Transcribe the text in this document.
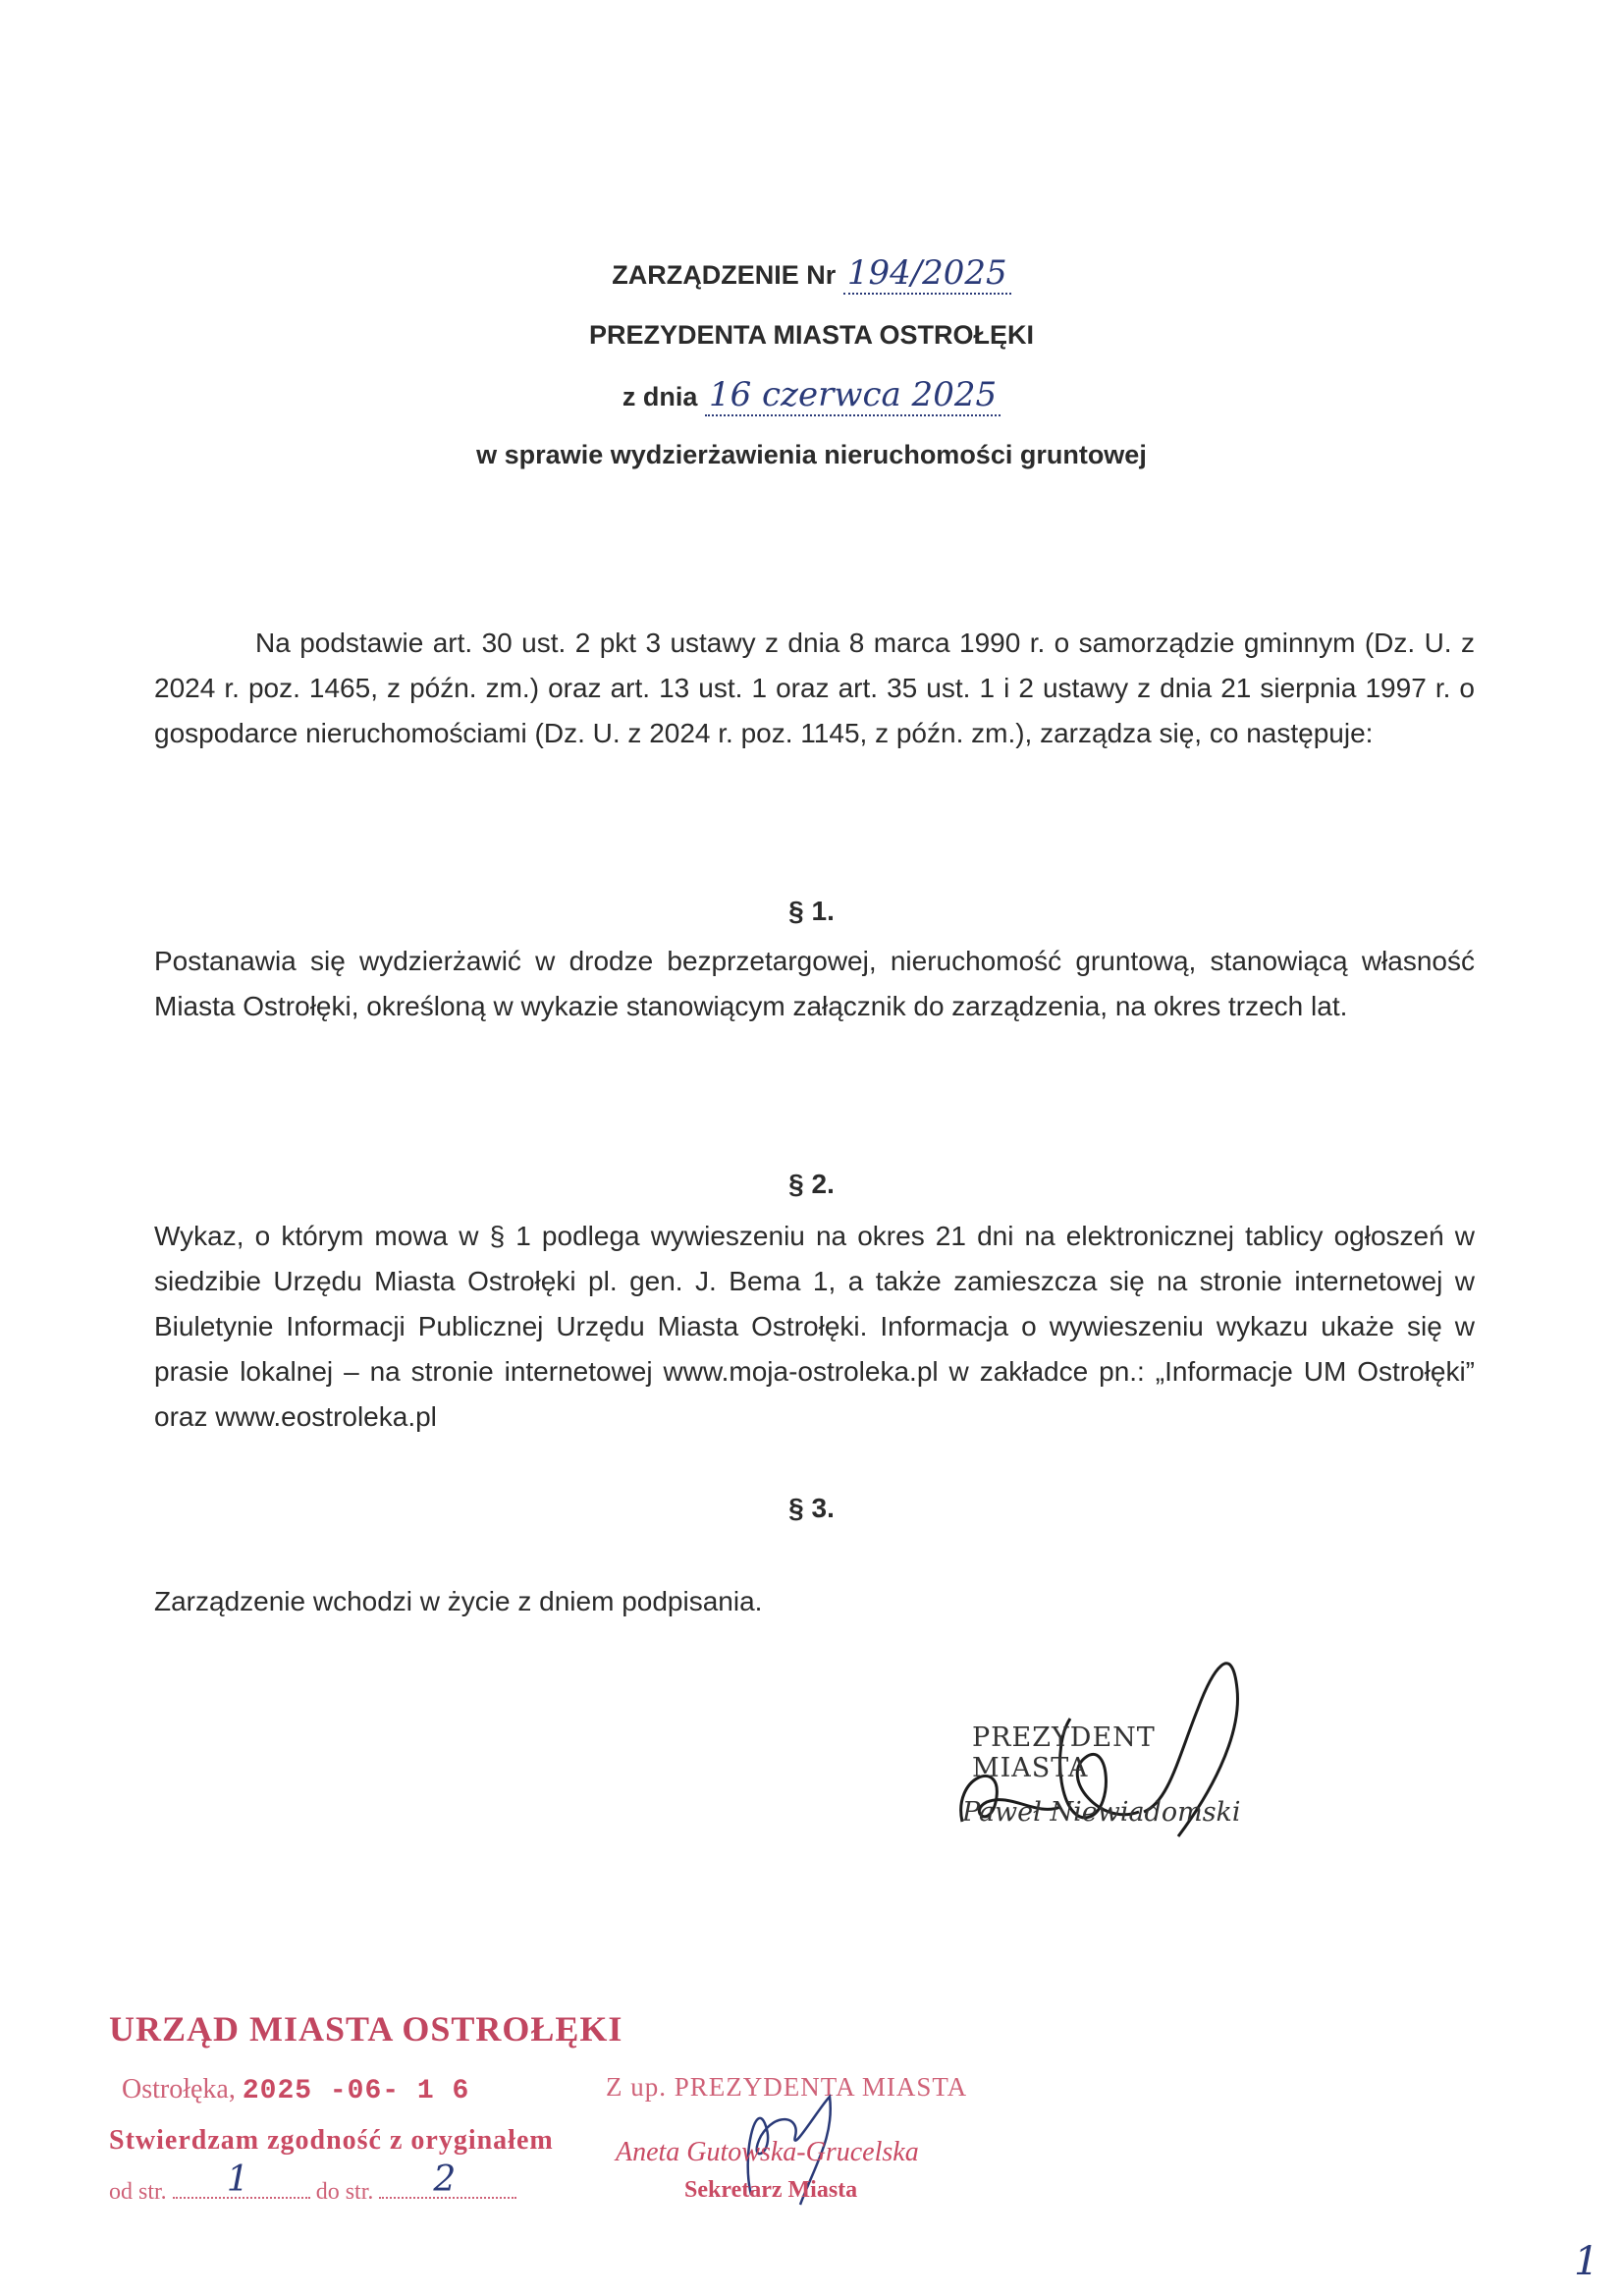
ZARZĄDZENIE Nr 194/2025
PREZYDENTA MIASTA OSTROŁĘKI
z dnia 16 czerwca 2025
w sprawie wydzierżawienia nieruchomości gruntowej
Na podstawie art. 30 ust. 2 pkt 3 ustawy z dnia 8 marca 1990 r. o samorządzie gminnym (Dz. U. z 2024 r. poz. 1465, z późn. zm.) oraz art. 13 ust. 1 oraz art. 35 ust. 1 i 2 ustawy z dnia 21 sierpnia 1997 r. o gospodarce nieruchomościami (Dz. U. z 2024 r. poz. 1145, z późn. zm.), zarządza się, co następuje:
§ 1.
Postanawia się wydzierżawić w drodze bezprzetargowej, nieruchomość gruntową, stanowiącą własność Miasta Ostrołęki, określoną w wykazie stanowiącym załącznik do zarządzenia, na okres trzech lat.
§ 2.
Wykaz, o którym mowa w § 1 podlega wywieszeniu na okres 21 dni na elektronicznej tablicy ogłoszeń w siedzibie Urzędu Miasta Ostrołęki pl. gen. J. Bema 1, a także zamieszcza się na stronie internetowej w Biuletynie Informacji Publicznej Urzędu Miasta Ostrołęki. Informacja o wywieszeniu wykazu ukaże się w prasie lokalnej – na stronie internetowej www.moja-ostroleka.pl w zakładce pn.: „Informacje UM Ostrołęki” oraz www.eostroleka.pl
§ 3.
Zarządzenie wchodzi w życie z dniem podpisania.
PREZYDENT MIASTA
Paweł Niewiadomski
URZĄD MIASTA OSTROŁĘKI
Ostrołęka, 2025 -06- 1 6
Stwierdzam zgodność z oryginałem
od str. 1	do str. 2
Z up. PREZYDENTA MIASTA
Aneta Gutowska-Grucelska
Sekretarz Miasta
1
